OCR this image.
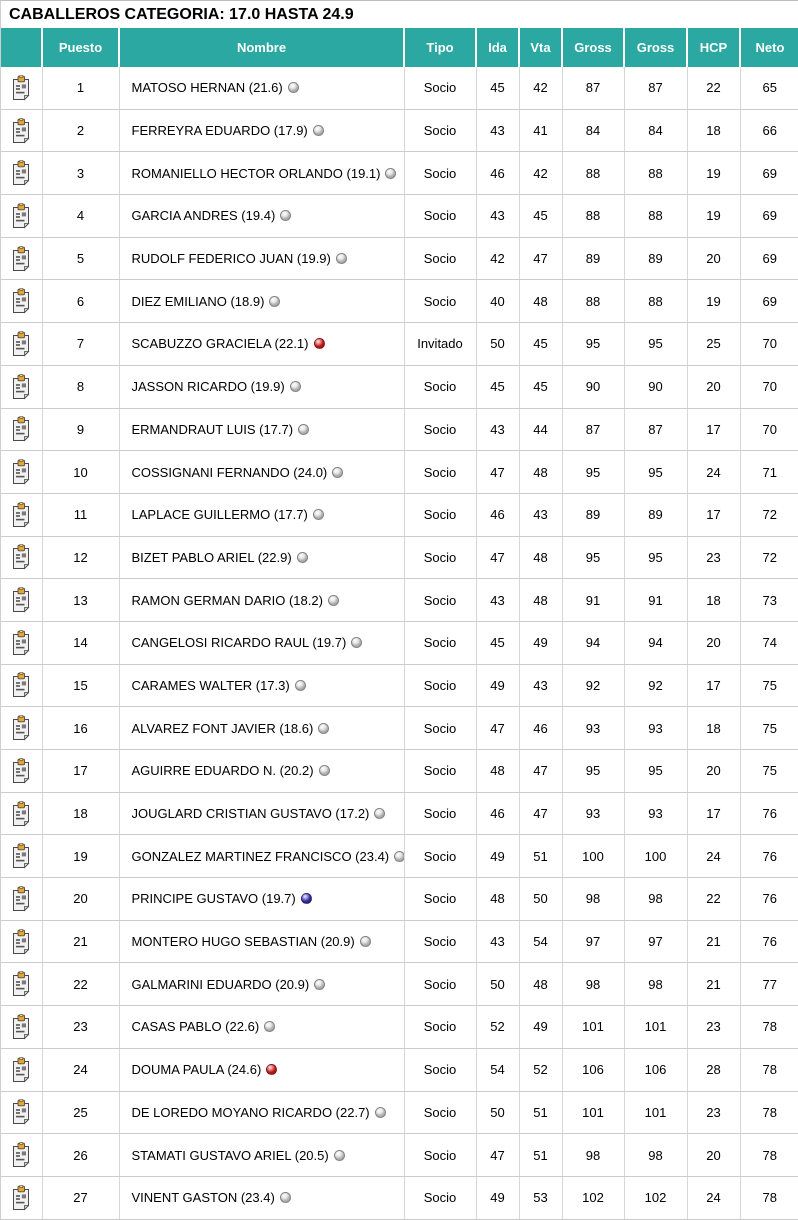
CABALLEROS CATEGORIA: 17.0 HASTA 24.9
	Puesto	Nombre	Tipo	Ida	Vta	Gross	Gross	HCP	Neto
	1	MATOSO HERNAN (21.6)	Socio	45	42	87	87	22	65
	2	FERREYRA EDUARDO (17.9)	Socio	43	41	84	84	18	66
	3	ROMANIELLO HECTOR ORLANDO (19.1)	Socio	46	42	88	88	19	69
	4	GARCIA ANDRES (19.4)	Socio	43	45	88	88	19	69
	5	RUDOLF FEDERICO JUAN (19.9)	Socio	42	47	89	89	20	69
	6	DIEZ EMILIANO (18.9)	Socio	40	48	88	88	19	69
	7	SCABUZZO GRACIELA (22.1)	Invitado	50	45	95	95	25	70
	8	JASSON RICARDO (19.9)	Socio	45	45	90	90	20	70
	9	ERMANDRAUT LUIS (17.7)	Socio	43	44	87	87	17	70
	10	COSSIGNANI FERNANDO (24.0)	Socio	47	48	95	95	24	71
	11	LAPLACE GUILLERMO (17.7)	Socio	46	43	89	89	17	72
	12	BIZET PABLO ARIEL (22.9)	Socio	47	48	95	95	23	72
	13	RAMON GERMAN DARIO (18.2)	Socio	43	48	91	91	18	73
	14	CANGELOSI RICARDO RAUL (19.7)	Socio	45	49	94	94	20	74
	15	CARAMES WALTER (17.3)	Socio	49	43	92	92	17	75
	16	ALVAREZ FONT JAVIER (18.6)	Socio	47	46	93	93	18	75
	17	AGUIRRE EDUARDO N. (20.2)	Socio	48	47	95	95	20	75
	18	JOUGLARD CRISTIAN GUSTAVO (17.2)	Socio	46	47	93	93	17	76
	19	GONZALEZ MARTINEZ FRANCISCO (23.4)	Socio	49	51	100	100	24	76
	20	PRINCIPE GUSTAVO (19.7)	Socio	48	50	98	98	22	76
	21	MONTERO HUGO SEBASTIAN (20.9)	Socio	43	54	97	97	21	76
	22	GALMARINI EDUARDO (20.9)	Socio	50	48	98	98	21	77
	23	CASAS PABLO (22.6)	Socio	52	49	101	101	23	78
	24	DOUMA PAULA (24.6)	Socio	54	52	106	106	28	78
	25	DE LOREDO MOYANO RICARDO (22.7)	Socio	50	51	101	101	23	78
	26	STAMATI GUSTAVO ARIEL (20.5)	Socio	47	51	98	98	20	78
	27	VINENT GASTON (23.4)	Socio	49	53	102	102	24	78
